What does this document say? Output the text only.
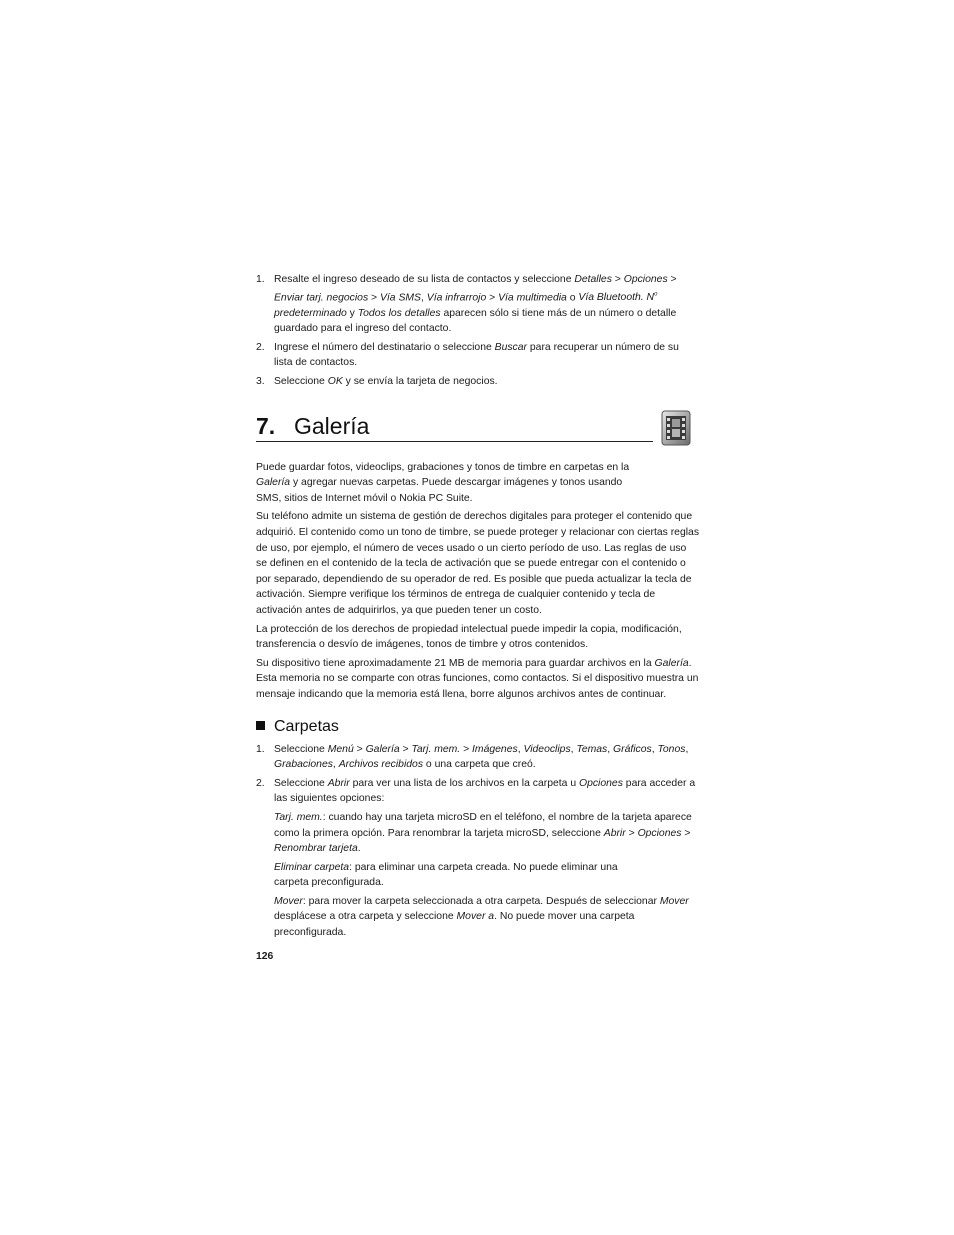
1. Resalte el ingreso deseado de su lista de contactos y seleccione Detalles > Opciones > Enviar tarj. negocios > Vía SMS, Vía infrarrojo > Vía multimedia o Vía Bluetooth. $N^o$ predeterminado y Todos los detalles aparecen sólo si tiene más de un número o detalle guardado para el ingreso del contacto.
2. Ingrese el número del destinatario o seleccione Buscar para recuperar un número de su lista de contactos.
3. Seleccione OK y se envía la tarjeta de negocios.
7. Galería

Puede guardar fotos, videoclips, grabaciones y tonos de timbre en carpetas en la Galería y agregar nuevas carpetas. Puede descargar imágenes y tonos usando SMS, sitios de Internet móvil o Nokia PC Suite.

Su teléfono admite un sistema de gestión de derechos digitales para proteger el contenido que adquirió. El contenido como un tono de timbre, se puede proteger y relacionar con ciertas reglas de uso, por ejemplo, el número de veces usado o un cierto período de uso. Las reglas de uso se definen en el contenido de la tecla de activación que se puede entregar con el contenido o por separado, dependiendo de su operador de red. Es posible que pueda actualizar la tecla de activación. Siempre verifique los términos de entrega de cualquier contenido y tecla de activación antes de adquirirlos, ya que pueden tener un costo.

La protección de los derechos de propiedad intelectual puede impedir la copia, modificación, transferencia o desvío de imágenes, tonos de timbre y otros contenidos.

Su dispositivo tiene aproximadamente 21 MB de memoria para guardar archivos en la Galería. Esta memoria no se comparte con otras funciones, como contactos. Si el dispositivo muestra un mensaje indicando que la memoria está llena, borre algunos archivos antes de continuar.

Carpetas
1. Seleccione Menú > Galería > Tarj. mem. > Imágenes, Videoclips, Temas, Gráficos, Tonos, Grabaciones, Archivos recibidos o una carpeta que creó.
2. Seleccione Abrir para ver una lista de los archivos en la carpeta u Opciones para acceder a las siguientes opciones:

Tarj. mem.: cuando hay una tarjeta microSD en el teléfono, el nombre de la tarjeta aparece como la primera opción. Para renombrar la tarjeta microSD, seleccione Abrir > Opciones > Renombrar tarjeta.

Eliminar carpeta: para eliminar una carpeta creada. No puede eliminar una
carpeta preconfigurada.

Mover: para mover la carpeta seleccionada a otra carpeta. Después de seleccionar Mover desplácese a otra carpeta y seleccione Mover a. No puede mover una carpeta preconfigurada.

126
